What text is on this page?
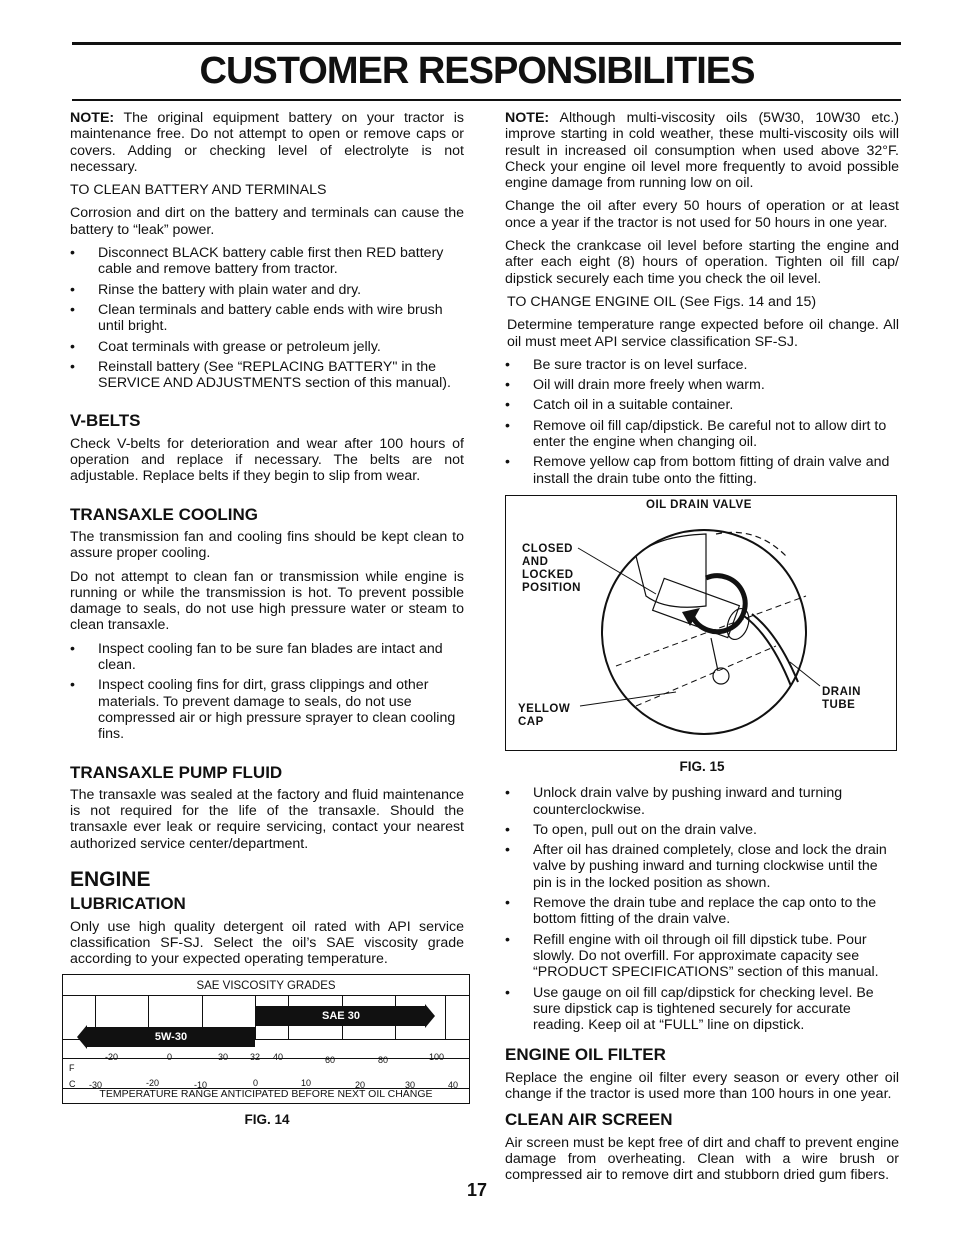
CUSTOMER RESPONSIBILITIES

NOTE: The original equipment battery on your tractor is maintenance free. Do not attempt to open or remove caps or covers. Adding or checking level of electrolyte is not necessary.

TO CLEAN BATTERY AND TERMINALS

Corrosion and dirt on the battery and terminals can cause the battery to “leak” power.

• Disconnect BLACK battery cable first then RED battery cable and remove battery from tractor.
• Rinse the battery with plain water and dry.
• Clean terminals and battery cable ends with wire brush until bright.
• Coat terminals with grease or petroleum jelly.
• Reinstall battery (See “REPLACING BATTERY" in the SERVICE AND ADJUSTMENTS section of this manual).
V-BELTS

Check V-belts for deterioration and wear after 100 hours of operation and replace if necessary. The belts are not adjustable. Replace belts if they begin to slip from wear.

TRANSAXLE COOLING

The transmission fan and cooling fins should be kept clean to assure proper cooling.

Do not attempt to clean fan or transmission while engine is running or while the transmission is hot. To prevent possible damage to seals, do not use high pressure water or steam to clean transaxle.

• Inspect cooling fan to be sure fan blades are intact and clean.
• Inspect cooling fins for dirt, grass clippings and other materials. To prevent damage to seals, do not use compressed air or high pressure sprayer to clean cooling fins.
TRANSAXLE PUMP FLUID

The transaxle was sealed at the factory and fluid maintenance is not required for the life of the transaxle. Should the transaxle ever leak or require servicing, contact your nearest authorized service center/department.

ENGINE
LUBRICATION

Only use high quality detergent oil rated with API service classification SF-SJ. Select the oil’s SAE viscosity grade according to your expected operating temperature.

SAE VISCOSITY GRADES
SAE 30
5W-30
F
-20	0	30 32 40	60	80	100
C -30	-20	-10	0	10	20	30	40
TEMPERATURE RANGE ANTICIPATED BEFORE NEXT OIL CHANGE
FIG. 14

NOTE: Although multi-viscosity oils (5W30, 10W30 etc.) improve starting in cold weather, these multi-viscosity oils will result in increased oil consumption when used above 32°F. Check your engine oil level more frequently to avoid possible engine damage from running low on oil.

Change the oil after every 50 hours of operation or at least once a year if the tractor is not used for 50 hours in one year.

Check the crankcase oil level before starting the engine and after each eight (8) hours of operation. Tighten oil fill cap/ dipstick securely each time you check the oil level.

TO CHANGE ENGINE OIL (See Figs. 14 and 15)

Determine temperature range expected before oil change. All oil must meet API service classification SF-SJ.

• Be sure tractor is on level surface.
• Oil will drain more freely when warm.
• Catch oil in a suitable container.
• Remove oil fill cap/dipstick. Be careful not to allow dirt to enter the engine when changing oil.
• Remove yellow cap from bottom fitting of drain valve and install the drain tube onto the fitting.
OIL DRAIN VALVE
CLOSED
AND
LOCKED
POSITION
DRAIN
TUBE
YELLOW
CAP
FIG. 15
• Unlock drain valve by pushing inward and turning counterclockwise.
• To open, pull out on the drain valve.
• After oil has drained completely, close and lock the drain valve by pushing inward and turning clockwise until the pin is in the locked position as shown.
• Remove the drain tube and replace the cap onto to the bottom fitting of the drain valve.
• Refill engine with oil through oil fill dipstick tube. Pour slowly. Do not overfill. For approximate capacity see “PRODUCT SPECIFICATIONS” section of this manual.
• Use gauge on oil fill cap/dipstick for checking level. Be sure dipstick cap is tightened securely for accurate reading. Keep oil at “FULL” line on dipstick.
ENGINE OIL FILTER

Replace the engine oil filter every season or every other oil change if the tractor is used more than 100 hours in one year.

CLEAN AIR SCREEN

Air screen must be kept free of dirt and chaff to prevent engine damage from overheating. Clean with a wire brush or compressed air to remove dirt and stubborn dried gum fibers.

17
